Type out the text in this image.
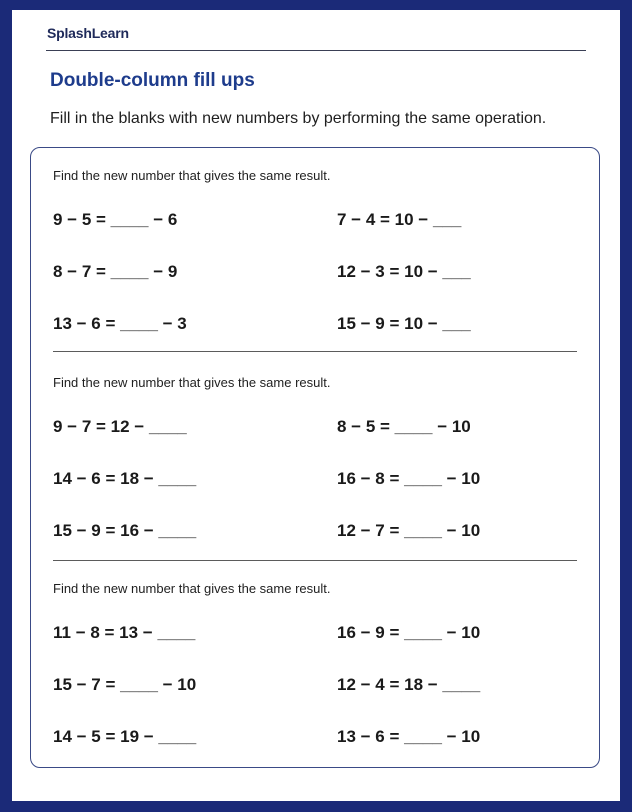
SplashLearn
Double-column fill ups
Fill in the blanks with new numbers by performing the same operation.
Find the new number that gives the same result.
9 − 5 = ____ − 6	7 − 4 = 10 − ___
8 − 7 = ____ − 9	12 − 3 = 10 − ___
13 − 6 = ____ − 3	15 − 9 = 10 − ___
Find the new number that gives the same result.
9 − 7 = 12 − ____	8 − 5 = ____ − 10
14 − 6 = 18 − ____	16 − 8 = ____ − 10
15 − 9 = 16 − ____	12 − 7 = ____ − 10
Find the new number that gives the same result.
11 − 8 = 13 − ____	16 − 9 = ____ − 10
15 − 7 = ____ − 10	12 − 4 = 18 − ____
14 − 5 = 19 − ____	13 − 6 = ____ − 10
